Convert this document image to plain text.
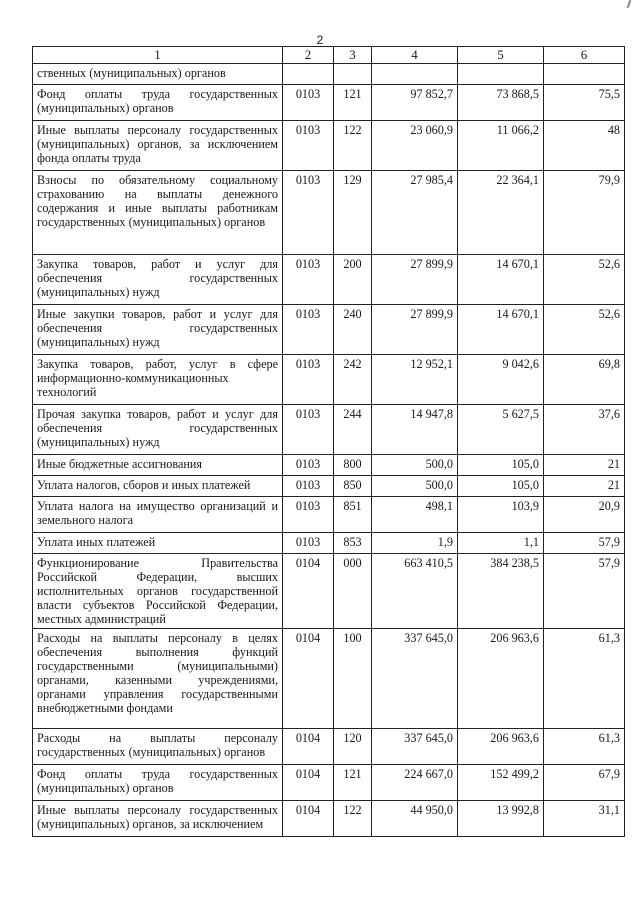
2
1	2	3	4	5	6
ственных (муниципальных) органов					
Фонд оплаты труда государственных (муниципальных) органов	0103	121	97 852,7	73 868,5	75,5
Иные выплаты персоналу государственных (муниципальных) органов, за исключением фонда оплаты труда	0103	122	23 060,9	11 066,2	48
Взносы по обязательному социальному страхованию на выплаты денежного содержания и иные выплаты работникам государственных (муниципальных) органов	0103	129	27 985,4	22 364,1	79,9
Закупка товаров, работ и услуг для обеспечения государственных (муниципальных) нужд	0103	200	27 899,9	14 670,1	52,6
Иные закупки товаров, работ и услуг для обеспечения государственных (муниципальных) нужд	0103	240	27 899,9	14 670,1	52,6
Закупка товаров, работ, услуг в сфере информационно-коммуникационных технологий	0103	242	12 952,1	9 042,6	69,8
Прочая закупка товаров, работ и услуг для обеспечения государственных (муниципальных) нужд	0103	244	14 947,8	5 627,5	37,6
Иные бюджетные ассигнования	0103	800	500,0	105,0	21
Уплата налогов, сборов и иных платежей	0103	850	500,0	105,0	21
Уплата налога на имущество организаций и земельного налога	0103	851	498,1	103,9	20,9
Уплата иных платежей	0103	853	1,9	1,1	57,9
Функционирование Правительства Российской Федерации, высших исполнительных органов государственной власти субъектов Российской Федерации, местных администраций	0104	000	663 410,5	384 238,5	57,9
Расходы на выплаты персоналу в целях обеспечения выполнения функций государственными (муниципальными) органами, казенными учреждениями, органами управления государственными внебюджетными фондами	0104	100	337 645,0	206 963,6	61,3
Расходы на выплаты персоналу государственных (муниципальных) органов	0104	120	337 645,0	206 963,6	61,3
Фонд оплаты труда государственных (муниципальных) органов	0104	121	224 667,0	152 499,2	67,9
Иные выплаты персоналу государственных (муниципальных) органов, за исключением	0104	122	44 950,0	13 992,8	31,1
